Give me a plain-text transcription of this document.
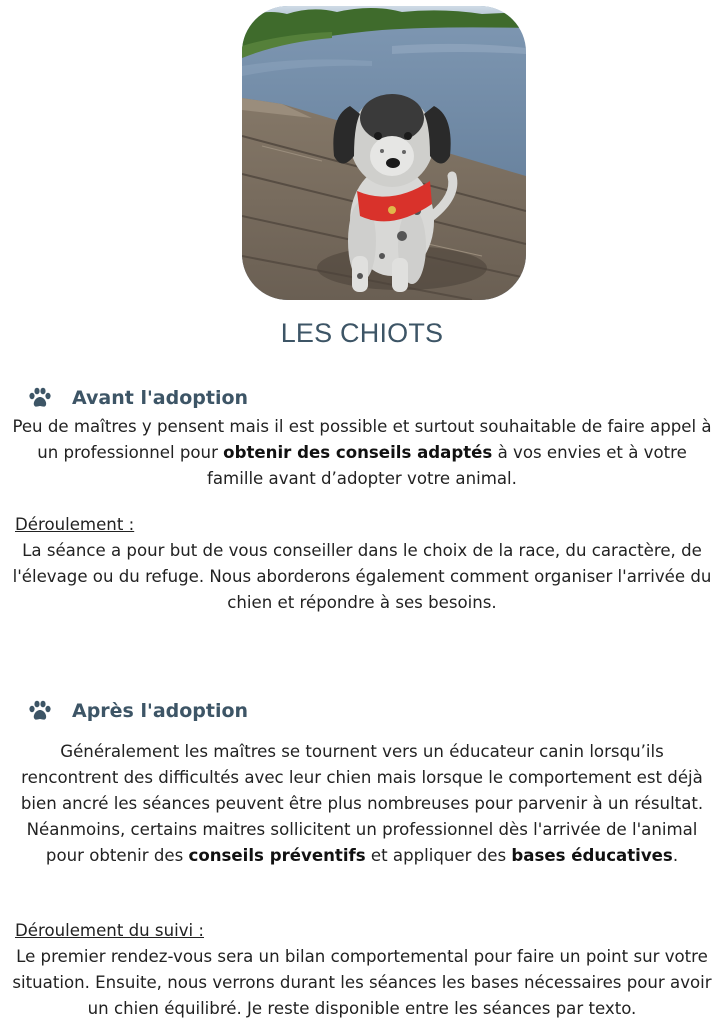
LES CHIOTS
Avant l'adoption
Peu de maîtres y pensent mais il est possible et surtout souhaitable de faire appel à un professionnel pour obtenir des conseils adaptés à vos envies et à votre famille avant d’adopter votre animal.
Déroulement :
La séance a pour but de vous conseiller dans le choix de la race, du caractère, de l'élevage ou du refuge. Nous aborderons également comment organiser l'arrivée du chien et répondre à ses besoins.
Après l'adoption
Généralement les maîtres se tournent vers un éducateur canin lorsqu’ils rencontrent des difficultés avec leur chien mais lorsque le comportement est déjà bien ancré les séances peuvent être plus nombreuses pour parvenir à un résultat. Néanmoins, certains maitres sollicitent un professionnel dès l'arrivée de l'animal pour obtenir des conseils préventifs et appliquer des bases éducatives.
Déroulement du suivi :
Le premier rendez-vous sera un bilan comportemental pour faire un point sur votre situation. Ensuite, nous verrons durant les séances les bases nécessaires pour avoir un chien équilibré. Je reste disponible entre les séances par texto.
